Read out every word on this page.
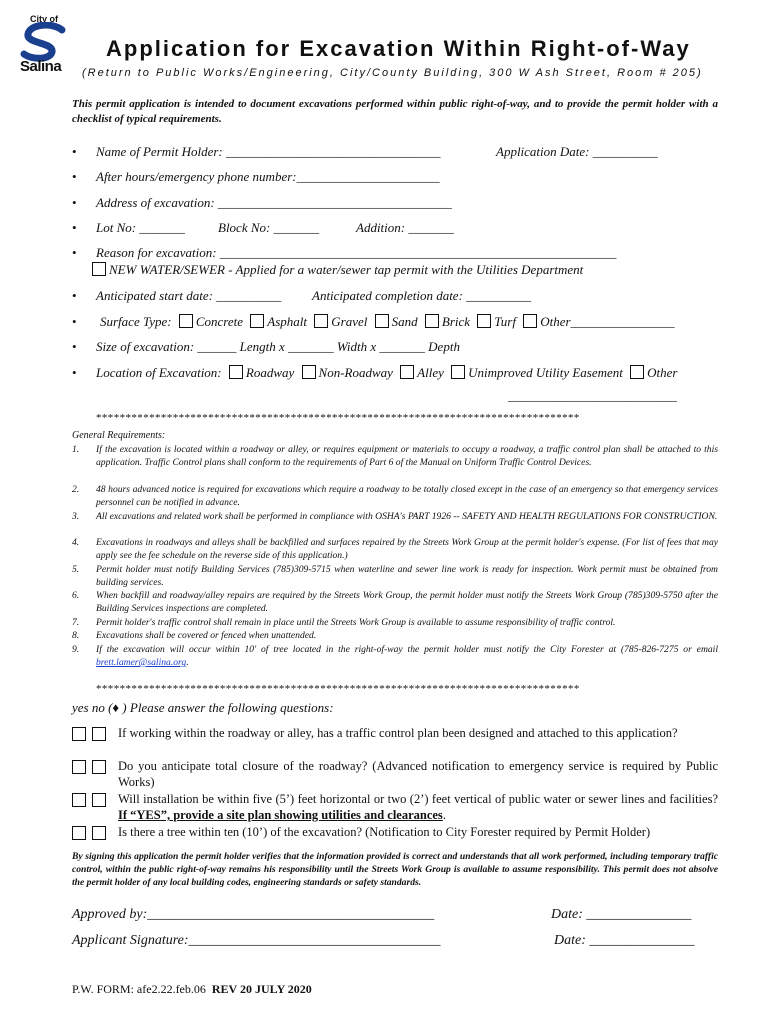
City of
Salina
Application for Excavation Within Right-of-Way
(Return to Public Works/Engineering, City/County Building, 300 W Ash Street, Room # 205)
This permit application is intended to document excavations performed within public right-of-way, and to provide the permit holder with a checklist of typical requirements.
• Name of Permit Holder: _________________________________	Application Date: __________
• After hours/emergency phone number:______________________
• Address of excavation: ____________________________________
• Lot No: _______	Block No: _______	Addition: _______
• Reason for excavation: _____________________________________________________________
NEW WATER/SEWER - Applied for a water/sewer tap permit with the Utilities Department
• Anticipated start date: __________ Anticipated completion date: __________
• Surface Type: Concrete Asphalt Gravel Sand Brick Turf Other________________
• Size of excavation: ______ Length x _______ Width x _______ Depth
• Location of Excavation: Roadway Non-Roadway Alley Unimproved Utility Easement Other
__________________________
**********************************************************************************
General Requirements:
1.	If the excavation is located within a roadway or alley, or requires equipment or materials to occupy a roadway, a traffic control plan shall be attached to this application. Traffic Control plans shall conform to the requirements of Part 6 of the Manual on Uniform Traffic Control Devices.
2.	48 hours advanced notice is required for excavations which require a roadway to be totally closed except in the case of an emergency so that emergency services personnel can be notified in advance.
3.	All excavations and related work shall be performed in compliance with OSHA's PART 1926 -- SAFETY AND HEALTH REGULATIONS FOR CONSTRUCTION.
4.	Excavations in roadways and alleys shall be backfilled and surfaces repaired by the Streets Work Group at the permit holder's expense. (For list of fees that may apply see the fee schedule on the reverse side of this application.)
5.	Permit holder must notify Building Services (785)309-5715 when waterline and sewer line work is ready for inspection. Work permit must be obtained from building services.
6.	When backfill and roadway/alley repairs are required by the Streets Work Group, the permit holder must notify the Streets Work Group (785)309-5750 after the Building Services inspections are completed.
7.	Permit holder's traffic control shall remain in place until the Streets Work Group is available to assume responsibility of traffic control.
8.	Excavations shall be covered or fenced when unattended.
9.	If the excavation will occur within 10' of tree located in the right-of-way the permit holder must notify the City Forester at (785-826-7275 or email brett.lamer@salina.org.
**********************************************************************************
yes no (♦ ) Please answer the following questions:
If working within the roadway or alley, has a traffic control plan been designed and attached to this application?
Do you anticipate total closure of the roadway? (Advanced notification to emergency service is required by Public Works)
Will installation be within five (5’) feet horizontal or two (2’) feet vertical of public water or sewer lines and facilities? If “YES”, provide a site plan showing utilities and clearances.
Is there a tree within ten (10’) of the excavation? (Notification to City Forester required by Permit Holder)
By signing this application the permit holder verifies that the information provided is correct and understands that all work performed, including temporary traffic control, within the public right-of-way remains his responsibility until the Streets Work Group is available to assume responsibility. This permit does not absolve the permit holder of any local building codes, engineering standards or safety standards.
Approved by:_________________________________________	Date: _______________
Applicant Signature:____________________________________	Date: _______________
P.W. FORM: afe2.22.feb.06 REV 20 JULY 2020
